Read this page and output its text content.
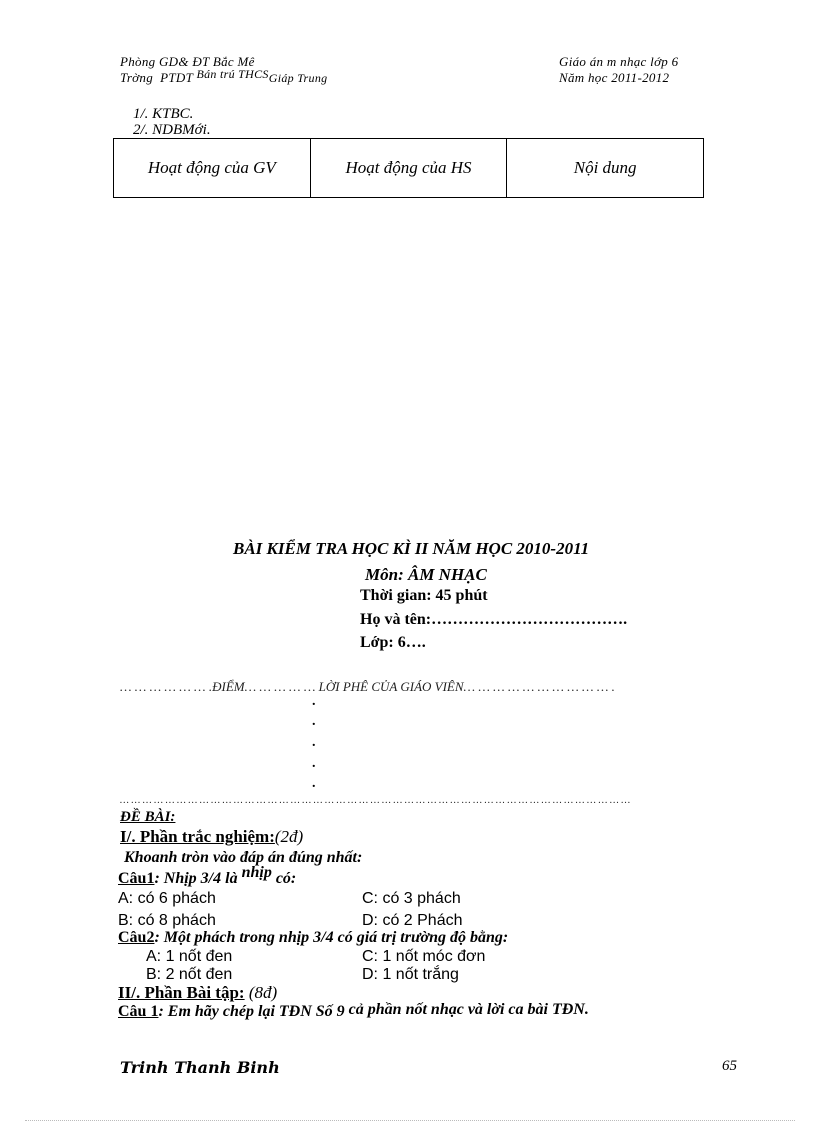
Phòng GD& ĐT Bắc Mê
Trờng PTDT Bán trú THCSGiáp Trung
Giáo án m nhạc lớp 6
Năm học 2011-2012
1/. KTBC.
2/. NDBMới.
Hoạt động của GV	Hoạt động của HS	Nội dung
BÀI KIỂM TRA HỌC KÌ II NĂM HỌC 2010-2011
Môn: ÂM NHẠC
Thời gian: 45 phút
Họ và tên:……………………………….
Lớp: 6….
… … … … … … .ĐIỂM… … … … … LỜI PHÊ CỦA GIÁO VIÊN… … … … … … … … … … .
.
.
.
.
.
… … … … … … … … … … … … … … … … … … … … … … … … … … … … … … … … … … … … … … … … … … … … …
ĐỀ BÀI:
I/. Phần trắc nghiệm:(2đ)
Khoanh tròn vào đáp án đúng nhất:
Câu1: Nhịp 3/4 là nhịp có:
A: có 6 phách	C: có 3 phách
B: có 8 phách	D: có 2 Phách
Câu2: Một phách trong nhịp 3/4 có giá trị trường độ bằng:
A: 1 nốt đen	C: 1 nốt móc đơn
B: 2 nốt đen	D: 1 nốt trắng
II/. Phần Bài tập: (8đ)
Câu 1: Em hãy chép lại TĐN Số 9 cả phần nốt nhạc và lời ca bài TĐN.
Trinh Thanh Binh	65
